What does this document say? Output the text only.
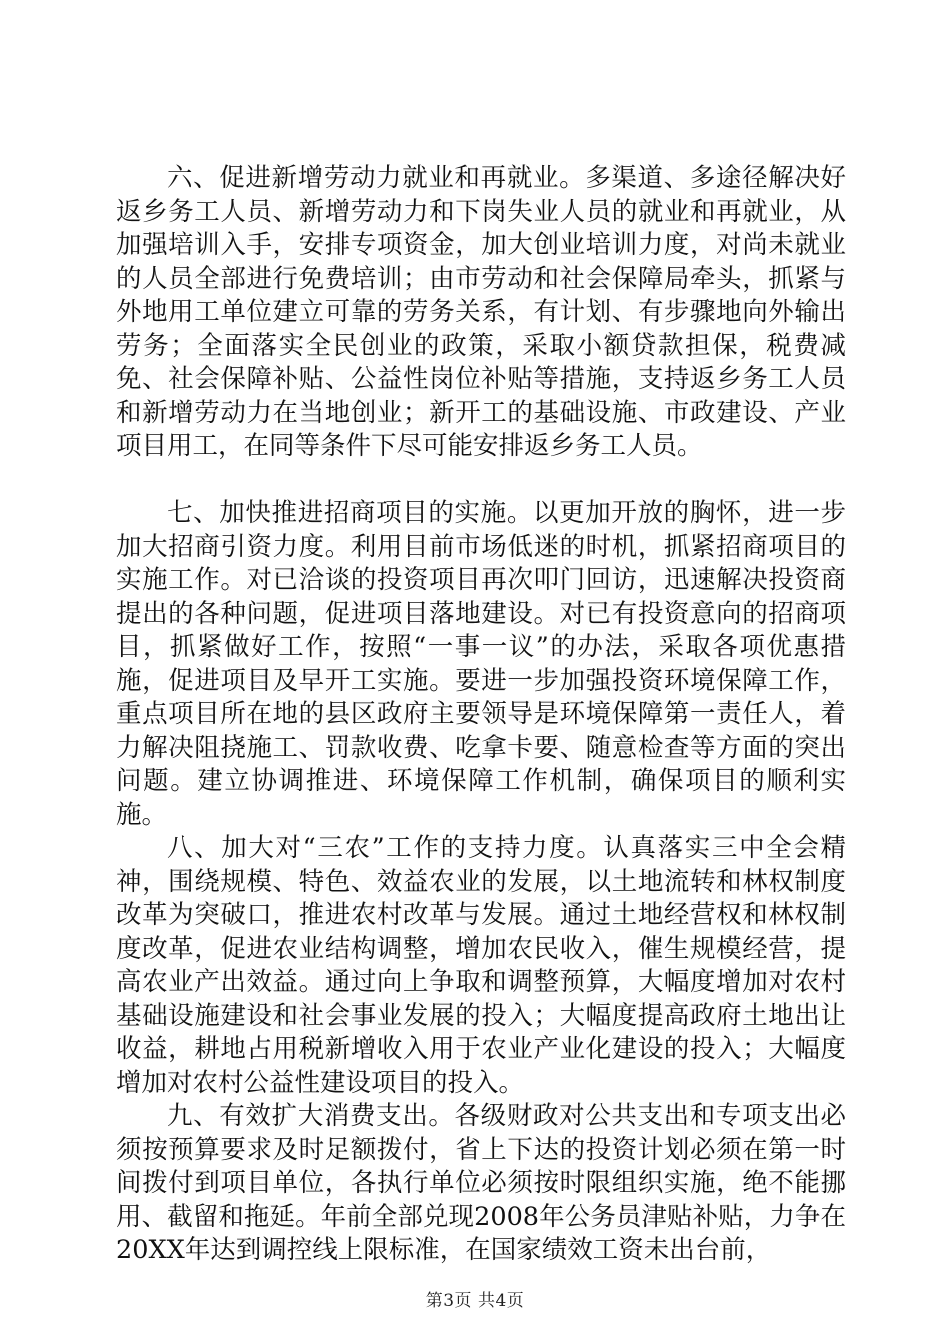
六、促进新增劳动力就业和再就业。多渠道、多途径解决好返乡务工人员、新增劳动力和下岗失业人员的就业和再就业，从加强培训入手，安排专项资金，加大创业培训力度，对尚未就业的人员全部进行免费培训；由市劳动和社会保障局牵头，抓紧与外地用工单位建立可靠的劳务关系，有计划、有步骤地向外输出劳务；全面落实全民创业的政策，采取小额贷款担保，税费减免、社会保障补贴、公益性岗位补贴等措施，支持返乡务工人员和新增劳动力在当地创业；新开工的基础设施、市政建设、产业项目用工，在同等条件下尽可能安排返乡务工人员。

七、加快推进招商项目的实施。以更加开放的胸怀，进一步加大招商引资力度。利用目前市场低迷的时机，抓紧招商项目的实施工作。对已洽谈的投资项目再次叩门回访，迅速解决投资商提出的各种问题，促进项目落地建设。对已有投资意向的招商项目，抓紧做好工作，按照“一事一议”的办法，采取各项优惠措施，促进项目及早开工实施。要进一步加强投资环境保障工作，重点项目所在地的县区政府主要领导是环境保障第一责任人，着力解决阻挠施工、罚款收费、吃拿卡要、随意检查等方面的突出问题。建立协调推进、环境保障工作机制，确保项目的顺利实施。

八、加大对“三农”工作的支持力度。认真落实三中全会精神，围绕规模、特色、效益农业的发展，以土地流转和林权制度改革为突破口，推进农村改革与发展。通过土地经营权和林权制度改革，促进农业结构调整，增加农民收入，催生规模经营，提高农业产出效益。通过向上争取和调整预算，大幅度增加对农村基础设施建设和社会事业发展的投入；大幅度提高政府土地出让收益，耕地占用税新增收入用于农业产业化建设的投入；大幅度增加对农村公益性建设项目的投入。

九、有效扩大消费支出。各级财政对公共支出和专项支出必须按预算要求及时足额拨付，省上下达的投资计划必须在第一时间拨付到项目单位，各执行单位必须按时限组织实施，绝不能挪用、截留和拖延。年前全部兑现2008年公务员津贴补贴，力争在20XX年达到调控线上限标准，在国家绩效工资未出台前，

第3页 共4页
